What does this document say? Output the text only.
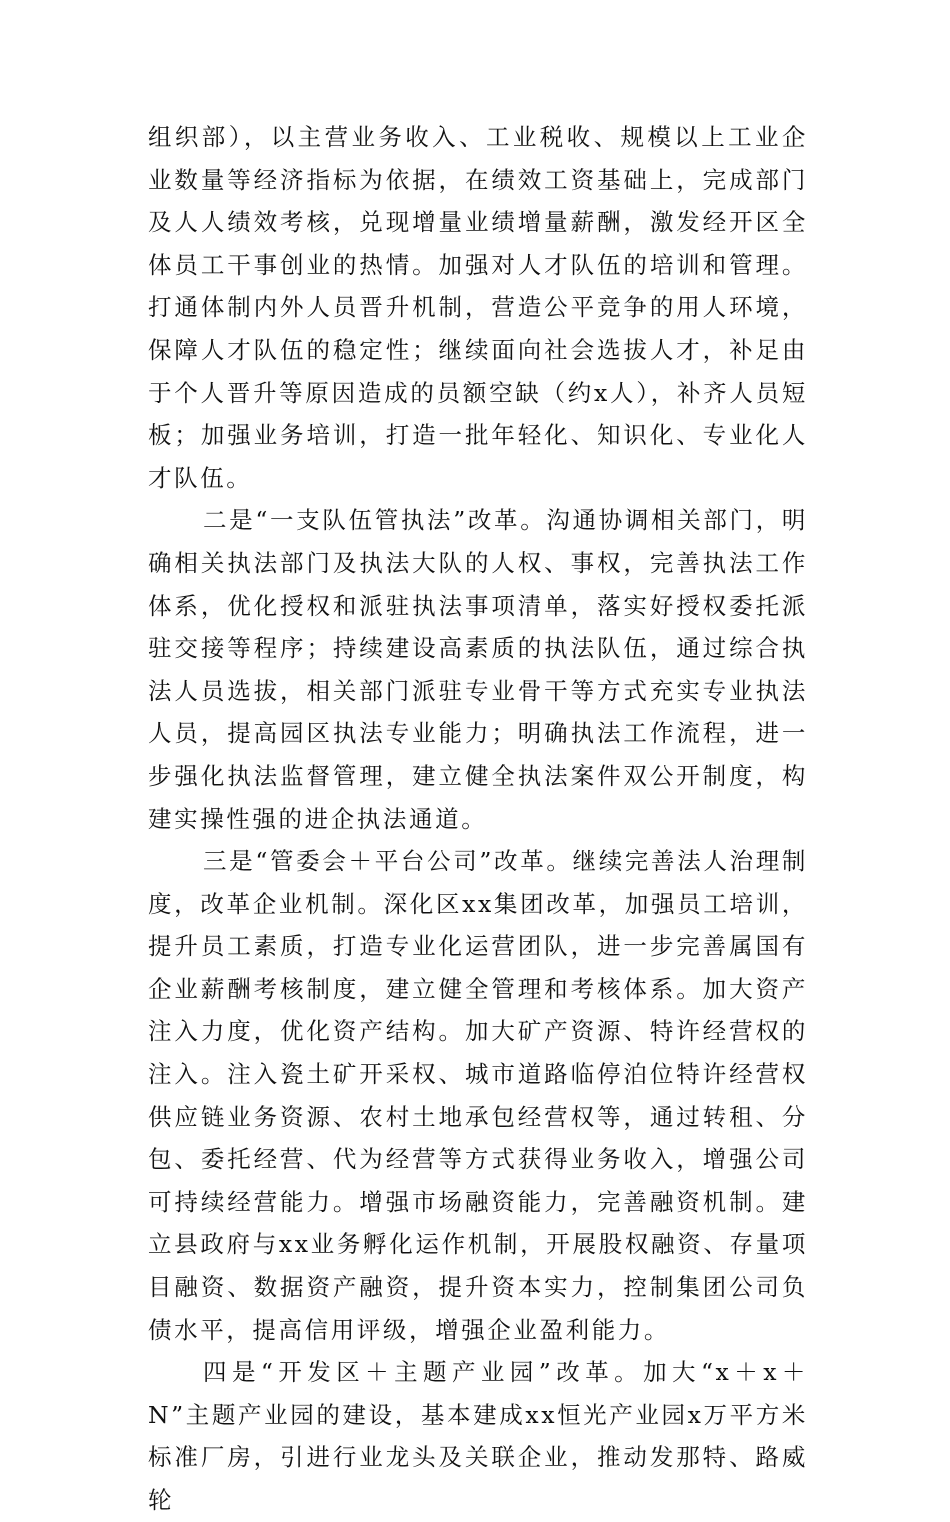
组织部），以主营业务收入、工业税收、规模以上工业企业数量等经济指标为依据，在绩效工资基础上，完成部门及人人绩效考核，兑现增量业绩增量薪酬，激发经开区全体员工干事创业的热情。加强对人才队伍的培训和管理。打通体制内外人员晋升机制，营造公平竞争的用人环境，保障人才队伍的稳定性；继续面向社会选拔人才，补足由于个人晋升等原因造成的员额空缺（约x人），补齐人员短板；加强业务培训，打造一批年轻化、知识化、专业化人才队伍。

二是“一支队伍管执法”改革。沟通协调相关部门，明确相关执法部门及执法大队的人权、事权，完善执法工作体系，优化授权和派驻执法事项清单，落实好授权委托派驻交接等程序；持续建设高素质的执法队伍，通过综合执法人员选拔，相关部门派驻专业骨干等方式充实专业执法人员，提高园区执法专业能力；明确执法工作流程，进一步强化执法监督管理，建立健全执法案件双公开制度，构建实操性强的进企执法通道。

三是“管委会＋平台公司”改革。继续完善法人治理制度，改革企业机制。深化区xx集团改革，加强员工培训，提升员工素质，打造专业化运营团队，进一步完善属国有企业薪酬考核制度，建立健全管理和考核体系。加大资产注入力度，优化资产结构。加大矿产资源、特许经营权的注入。注入瓷土矿开采权、城市道路临停泊位特许经营权供应链业务资源、农村土地承包经营权等，通过转租、分包、委托经营、代为经营等方式获得业务收入，增强公司可持续经营能力。增强市场融资能力，完善融资机制。建立县政府与xx业务孵化运作机制，开展股权融资、存量项目融资、数据资产融资，提升资本实力，控制集团公司负债水平，提高信用评级，增强企业盈利能力。

四是“开发区＋主题产业园”改革。加大“x＋x＋N”主题产业园的建设，基本建成xx恒光产业园x万平方米标准厂房，引进行业龙头及关联企业，推动发那特、路威轮
